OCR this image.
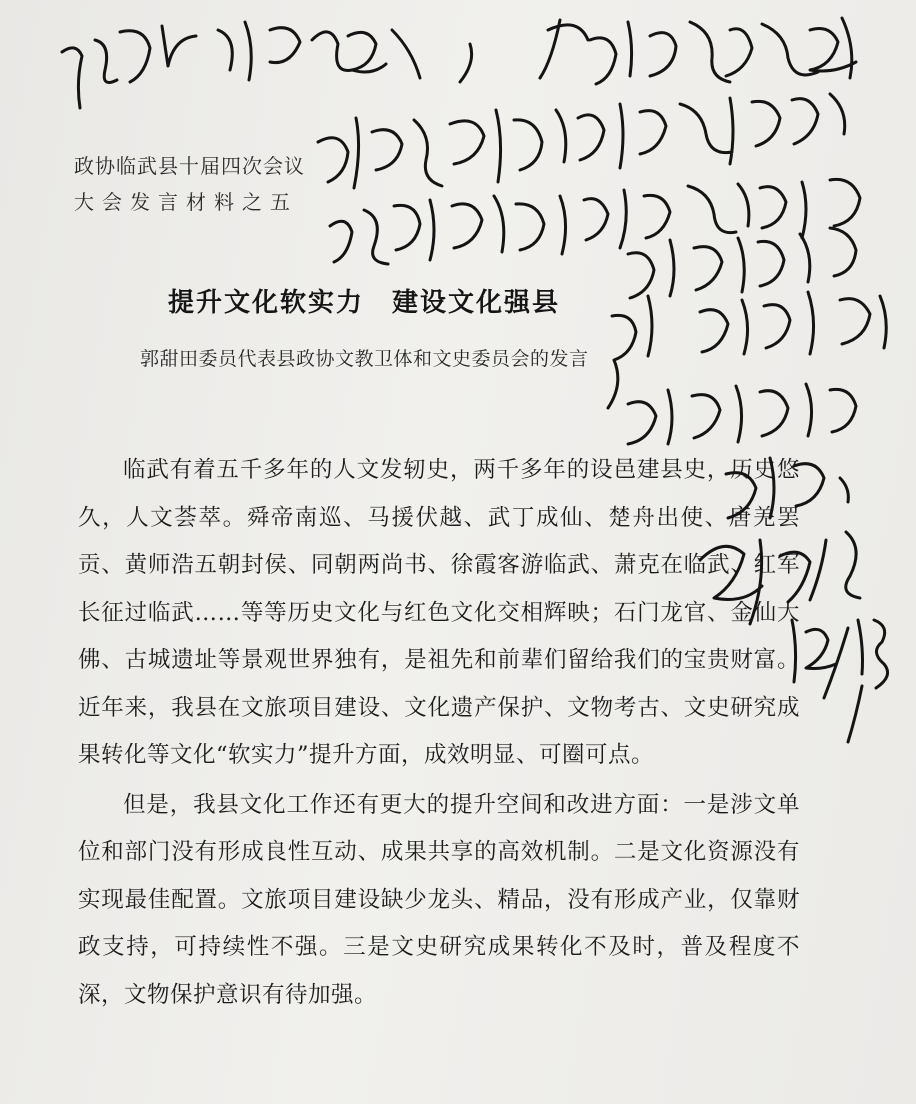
政协临武县十届四次会议
大会发言材料之五
提升文化软实力　建设文化强县
郭甜田委员代表县政协文教卫体和文史委员会的发言

临武有着五千多年的人文发轫史，两千多年的设邑建县史，历史悠久，人文荟萃。舜帝南巡、马援伏越、武丁成仙、楚舟出使、唐羌罢贡、黄师浩五朝封侯、同朝两尚书、徐霞客游临武、萧克在临武、红军长征过临武……等等历史文化与红色文化交相辉映；石门龙官、金仙大佛、古城遗址等景观世界独有，是祖先和前辈们留给我们的宝贵财富。近年来，我县在文旅项目建设、文化遗产保护、文物考古、文史研究成果转化等文化“软实力”提升方面，成效明显、可圈可点。

但是，我县文化工作还有更大的提升空间和改进方面：一是涉文单位和部门没有形成良性互动、成果共享的高效机制。二是文化资源没有实现最佳配置。文旅项目建设缺少龙头、精品，没有形成产业，仅靠财政支持，可持续性不强。三是文史研究成果转化不及时，普及程度不深，文物保护意识有待加强。
